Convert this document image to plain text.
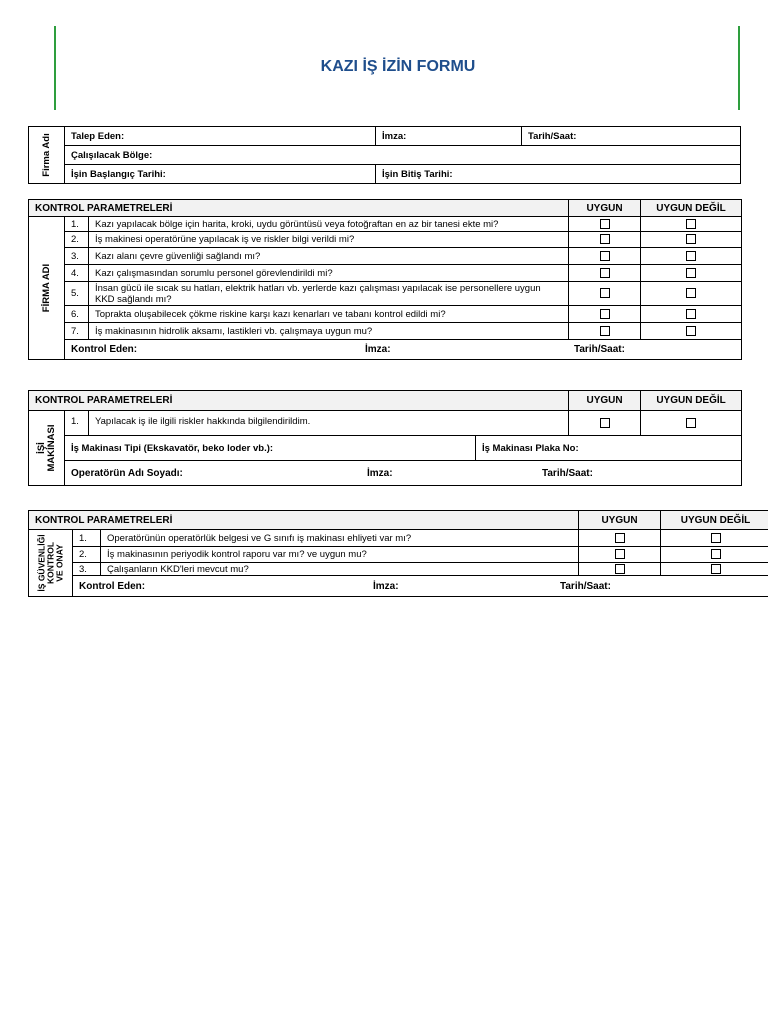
KAZI İŞ İZİN FORMU
Firma Adı	Talep Eden:	İmza:	Tarih/Saat:
	Çalışılacak Bölge:		
	İşin Başlangıç Tarihi:	İşin Bitiş Tarihi:	
KONTROL PARAMETRELERİ			UYGUN	UYGUN DEĞİL

FİRMA ADI	1.	Kazı yapılacak bölge için harita, kroki, uydu görüntüsü veya fotoğraftan en az bir tanesi ekte mi?		
	2.	İş makinesi operatörüne yapılacak iş ve riskler bilgi verildi mi?		
	3.	Kazı alanı çevre güvenliği sağlandı mı?		
	4.	Kazı çalışmasından sorumlu personel görevlendirildi mi?		
	5.	İnsan gücü ile sıcak su hatları, elektrik hatları vb. yerlerde kazı çalışması yapılacak ise personellere uygun KKD sağlandı mı?		
	6.	Toprakta oluşabilecek çökme riskine karşı kazı kenarları ve tabanı kontrol edildi mi?		
	7.	İş makinasının hidrolik aksamı, lastikleri vb. çalışmaya uygun mu?		

	Kontrol Eden: İmza: Tarih/Saat:			
KONTROL PARAMETRELERİ				UYGUN	UYGUN DEĞİL

İŞİ
MAKİNASI	1.	Yapılacak iş ile ilgili riskler hakkında bilgilendirildim.			
	İş Makinası Tipi (Ekskavatör, beko loder vb.):		İş Makinası Plaka No:		

	Operatörün Adı Soyadı: İmza: Tarih/Saat:				
KONTROL PARAMETRELERİ			UYGUN	UYGUN DEĞİL

İŞ GÜVENLİĞİ
KONTROL
VE ONAY	1.	Operatörünün operatörlük belgesi ve G sınıfı iş makinası ehliyeti var mı?		
	2.	İş makinasının periyodik kontrol raporu var mı? ve uygun mu?		
	3.	Çalışanların KKD'leri mevcut mu?		

	Kontrol Eden: İmza: Tarih/Saat:			
